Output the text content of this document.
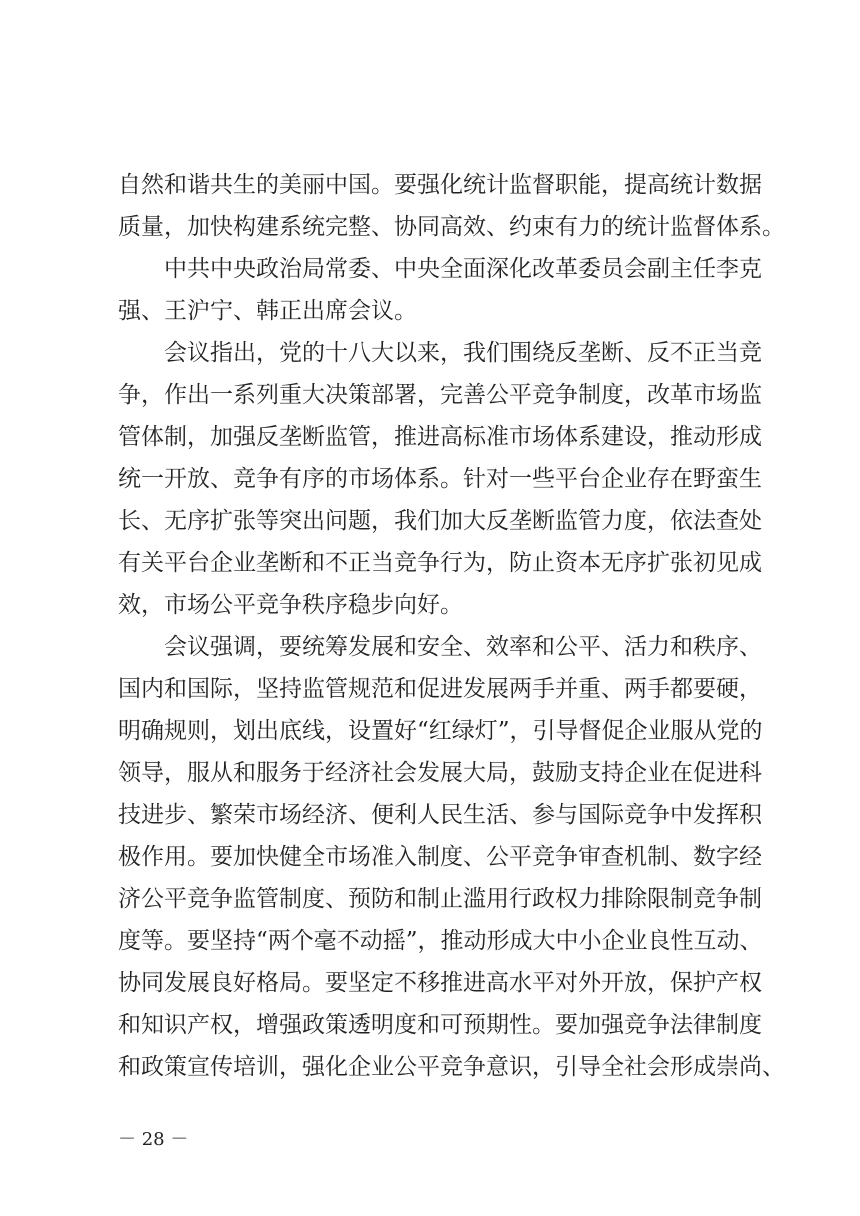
自然和谐共生的美丽中国。要强化统计监督职能，提高统计数据
质量，加快构建系统完整、协同高效、约束有力的统计监督体系。

中共中央政治局常委、中央全面深化改革委员会副主任李克
强、王沪宁、韩正出席会议。

会议指出，党的十八大以来，我们围绕反垄断、反不正当竞
争，作出一系列重大决策部署，完善公平竞争制度，改革市场监
管体制，加强反垄断监管，推进高标准市场体系建设，推动形成
统一开放、竞争有序的市场体系。针对一些平台企业存在野蛮生
长、无序扩张等突出问题，我们加大反垄断监管力度，依法查处
有关平台企业垄断和不正当竞争行为，防止资本无序扩张初见成
效，市场公平竞争秩序稳步向好。

会议强调，要统筹发展和安全、效率和公平、活力和秩序、
国内和国际，坚持监管规范和促进发展两手并重、两手都要硬，
明确规则，划出底线，设置好“红绿灯”，引导督促企业服从党的
领导，服从和服务于经济社会发展大局，鼓励支持企业在促进科
技进步、繁荣市场经济、便利人民生活、参与国际竞争中发挥积
极作用。要加快健全市场准入制度、公平竞争审查机制、数字经
济公平竞争监管制度、预防和制止滥用行政权力排除限制竞争制
度等。要坚持“两个毫不动摇”，推动形成大中小企业良性互动、
协同发展良好格局。要坚定不移推进高水平对外开放，保护产权
和知识产权，增强政策透明度和可预期性。要加强竞争法律制度
和政策宣传培训，强化企业公平竞争意识，引导全社会形成崇尚、

－ 28 －
